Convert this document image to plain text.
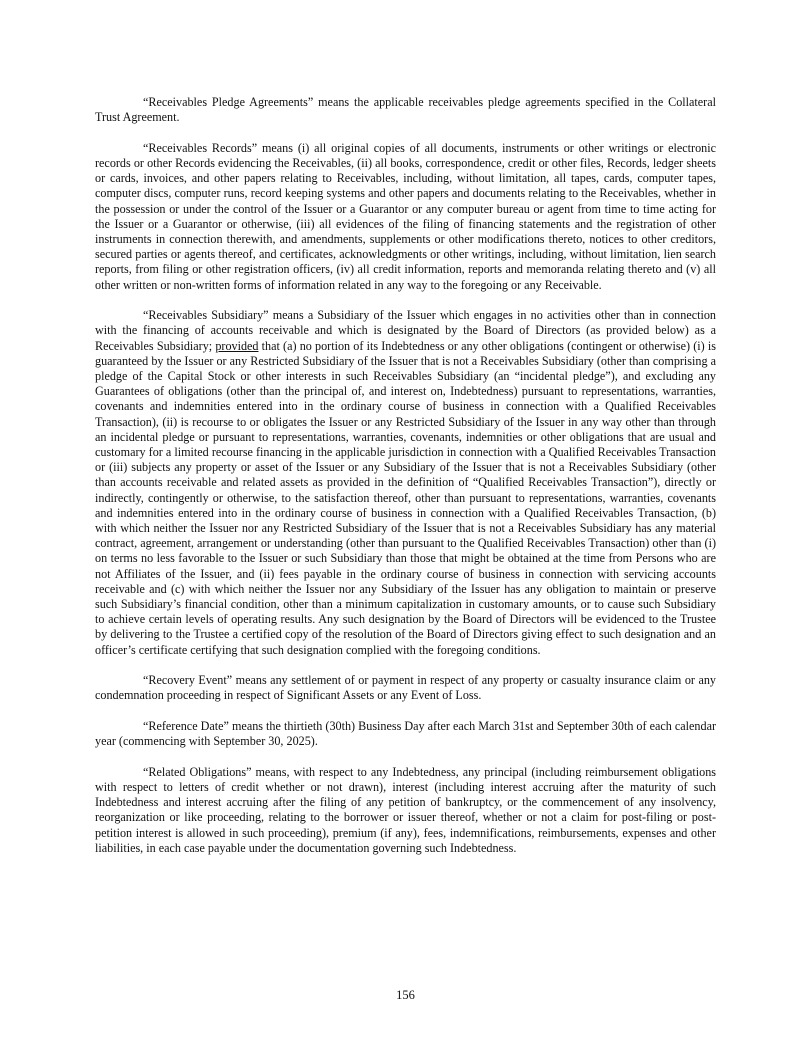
“Receivables Pledge Agreements” means the applicable receivables pledge agreements specified in the Collateral Trust Agreement.

“Receivables Records” means (i) all original copies of all documents, instruments or other writings or electronic records or other Records evidencing the Receivables, (ii) all books, correspondence, credit or other files, Records, ledger sheets or cards, invoices, and other papers relating to Receivables, including, without limitation, all tapes, cards, computer tapes, computer discs, computer runs, record keeping systems and other papers and documents relating to the Receivables, whether in the possession or under the control of the Issuer or a Guarantor or any computer bureau or agent from time to time acting for the Issuer or a Guarantor or otherwise, (iii) all evidences of the filing of financing statements and the registration of other instruments in connection therewith, and amendments, supplements or other modifications thereto, notices to other creditors, secured parties or agents thereof, and certificates, acknowledgments or other writings, including, without limitation, lien search reports, from filing or other registration officers, (iv) all credit information, reports and memoranda relating thereto and (v) all other written or non-written forms of information related in any way to the foregoing or any Receivable.

“Receivables Subsidiary” means a Subsidiary of the Issuer which engages in no activities other than in connection with the financing of accounts receivable and which is designated by the Board of Directors (as provided below) as a Receivables Subsidiary; provided that (a) no portion of its Indebtedness or any other obligations (contingent or otherwise) (i) is guaranteed by the Issuer or any Restricted Subsidiary of the Issuer that is not a Receivables Subsidiary (other than comprising a pledge of the Capital Stock or other interests in such Receivables Subsidiary (an “incidental pledge”), and excluding any Guarantees of obligations (other than the principal of, and interest on, Indebtedness) pursuant to representations, warranties, covenants and indemnities entered into in the ordinary course of business in connection with a Qualified Receivables Transaction), (ii) is recourse to or obligates the Issuer or any Restricted Subsidiary of the Issuer in any way other than through an incidental pledge or pursuant to representations, warranties, covenants, indemnities or other obligations that are usual and customary for a limited recourse financing in the applicable jurisdiction in connection with a Qualified Receivables Transaction or (iii) subjects any property or asset of the Issuer or any Subsidiary of the Issuer that is not a Receivables Subsidiary (other than accounts receivable and related assets as provided in the definition of “Qualified Receivables Transaction”), directly or indirectly, contingently or otherwise, to the satisfaction thereof, other than pursuant to representations, warranties, covenants and indemnities entered into in the ordinary course of business in connection with a Qualified Receivables Transaction, (b) with which neither the Issuer nor any Restricted Subsidiary of the Issuer that is not a Receivables Subsidiary has any material contract, agreement, arrangement or understanding (other than pursuant to the Qualified Receivables Transaction) other than (i) on terms no less favorable to the Issuer or such Subsidiary than those that might be obtained at the time from Persons who are not Affiliates of the Issuer, and (ii) fees payable in the ordinary course of business in connection with servicing accounts receivable and (c) with which neither the Issuer nor any Subsidiary of the Issuer has any obligation to maintain or preserve such Subsidiary’s financial condition, other than a minimum capitalization in customary amounts, or to cause such Subsidiary to achieve certain levels of operating results. Any such designation by the Board of Directors will be evidenced to the Trustee by delivering to the Trustee a certified copy of the resolution of the Board of Directors giving effect to such designation and an officer’s certificate certifying that such designation complied with the foregoing conditions.

“Recovery Event” means any settlement of or payment in respect of any property or casualty insurance claim or any condemnation proceeding in respect of Significant Assets or any Event of Loss.

“Reference Date” means the thirtieth (30th) Business Day after each March 31st and September 30th of each calendar year (commencing with September 30, 2025).

“Related Obligations” means, with respect to any Indebtedness, any principal (including reimbursement obligations with respect to letters of credit whether or not drawn), interest (including interest accruing after the maturity of such Indebtedness and interest accruing after the filing of any petition of bankruptcy, or the commencement of any insolvency, reorganization or like proceeding, relating to the borrower or issuer thereof, whether or not a claim for post-filing or post-petition interest is allowed in such proceeding), premium (if any), fees, indemnifications, reimbursements, expenses and other liabilities, in each case payable under the documentation governing such Indebtedness.

156
